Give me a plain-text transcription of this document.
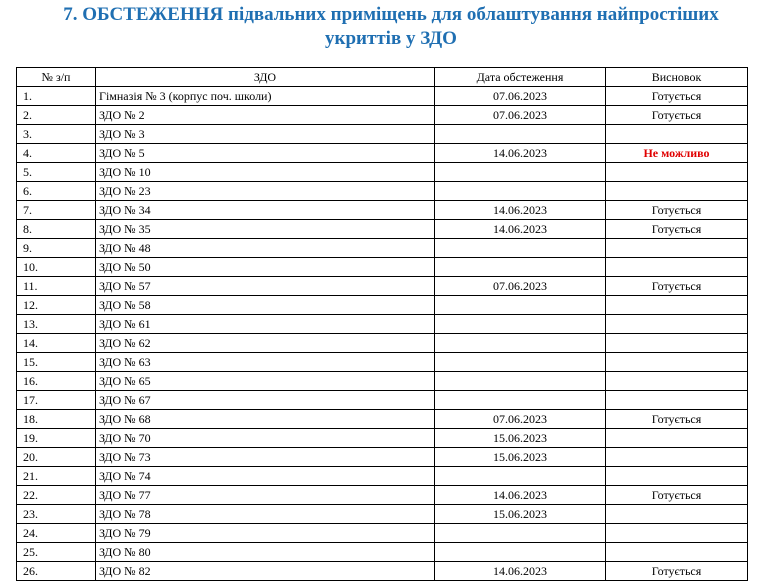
7. ОБСТЕЖЕННЯ підвальних приміщень для облаштування найпростіших
укриттів у ЗДО
№ з/п	ЗДО	Дата обстеження	Висновок
1.	Гімназія № 3 (корпус поч. школи)	07.06.2023	Готується
2.	ЗДО № 2	07.06.2023	Готується
3.	ЗДО № 3		
4.	ЗДО № 5	14.06.2023	Не можливо
5.	ЗДО № 10		
6.	ЗДО № 23		
7.	ЗДО № 34	14.06.2023	Готується
8.	ЗДО № 35	14.06.2023	Готується
9.	ЗДО № 48		
10.	ЗДО № 50		
11.	ЗДО № 57	07.06.2023	Готується
12.	ЗДО № 58		
13.	ЗДО № 61		
14.	ЗДО № 62		
15.	ЗДО № 63		
16.	ЗДО № 65		
17.	ЗДО № 67		
18.	ЗДО № 68	07.06.2023	Готується
19.	ЗДО № 70	15.06.2023	
20.	ЗДО № 73	15.06.2023	
21.	ЗДО № 74		
22.	ЗДО № 77	14.06.2023	Готується
23.	ЗДО № 78	15.06.2023	
24.	ЗДО № 79		
25.	ЗДО № 80		
26.	ЗДО № 82	14.06.2023	Готується
